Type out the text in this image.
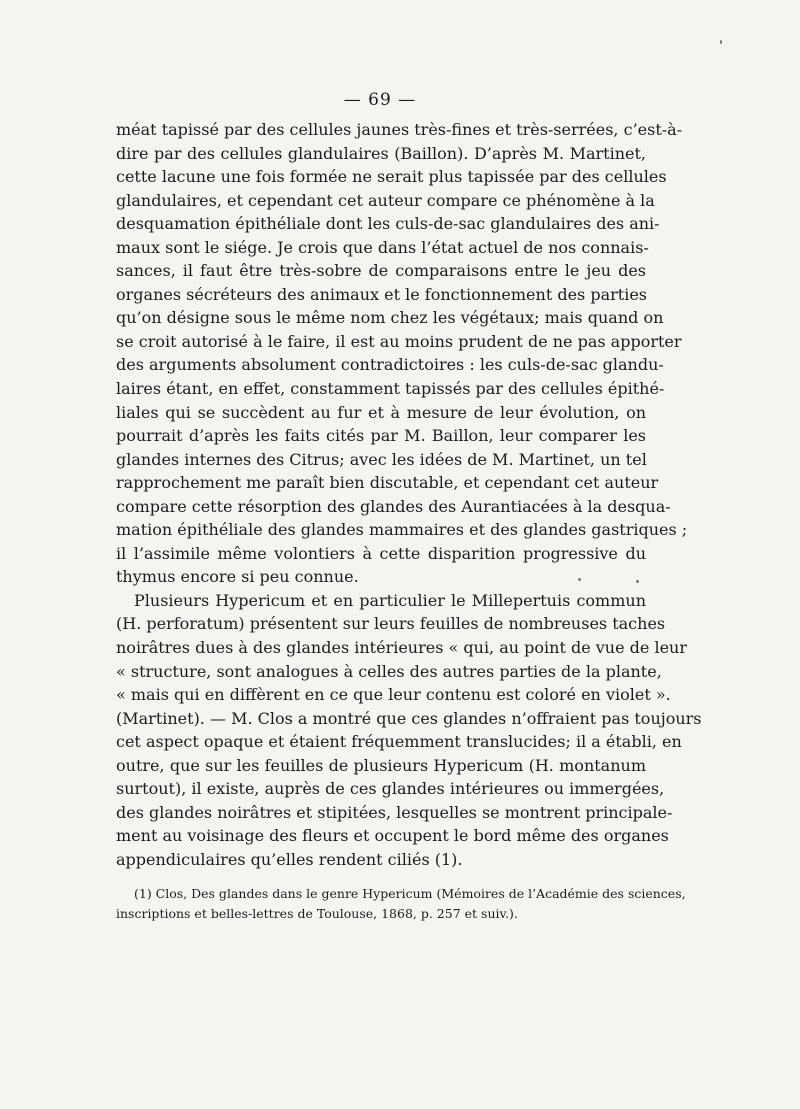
— 69 —
méat tapissé par des cellules jaunes très-fines et très-serrées, c’est-à-
dire par des cellules glandulaires (Baillon). D’après M. Martinet,
cette lacune une fois formée ne serait plus tapissée par des cellules
glandulaires, et cependant cet auteur compare ce phénomène à la
desquamation épithéliale dont les culs-de-sac glandulaires des ani-
maux sont le siége. Je crois que dans l’état actuel de nos connais-
sances, il faut être très-sobre de comparaisons entre le jeu des
organes sécréteurs des animaux et le fonctionnement des parties
qu’on désigne sous le même nom chez les végétaux; mais quand on
se croit autorisé à le faire, il est au moins prudent de ne pas apporter
des arguments absolument contradictoires : les culs-de-sac glandu-
laires étant, en effet, constamment tapissés par des cellules épithé-
liales qui se succèdent au fur et à mesure de leur évolution, on
pourrait d’après les faits cités par M. Baillon, leur comparer les
glandes internes des Citrus; avec les idées de M. Martinet, un tel
rapprochement me paraît bien discutable, et cependant cet auteur
compare cette résorption des glandes des Aurantiacées à la desqua-
mation épithéliale des glandes mammaires et des glandes gastriques ;
il l’assimile même volontiers à cette disparition progressive du
thymus encore si peu connue.
Plusieurs Hypericum et en particulier le Millepertuis commun
(H. perforatum) présentent sur leurs feuilles de nombreuses taches
noirâtres dues à des glandes intérieures « qui, au point de vue de leur
« structure, sont analogues à celles des autres parties de la plante,
« mais qui en diffèrent en ce que leur contenu est coloré en violet ».
(Martinet). — M. Clos a montré que ces glandes n’offraient pas toujours
cet aspect opaque et étaient fréquemment translucides; il a établi, en
outre, que sur les feuilles de plusieurs Hypericum (H. montanum
surtout), il existe, auprès de ces glandes intérieures ou immergées,
des glandes noirâtres et stipitées, lesquelles se montrent principale-
ment au voisinage des fleurs et occupent le bord même des organes
appendiculaires qu’elles rendent ciliés (1).
(1) Clos, Des glandes dans le genre Hypericum (Mémoires de l’Académie des sciences,
inscriptions et belles-lettres de Toulouse, 1868, p. 257 et suiv.).
